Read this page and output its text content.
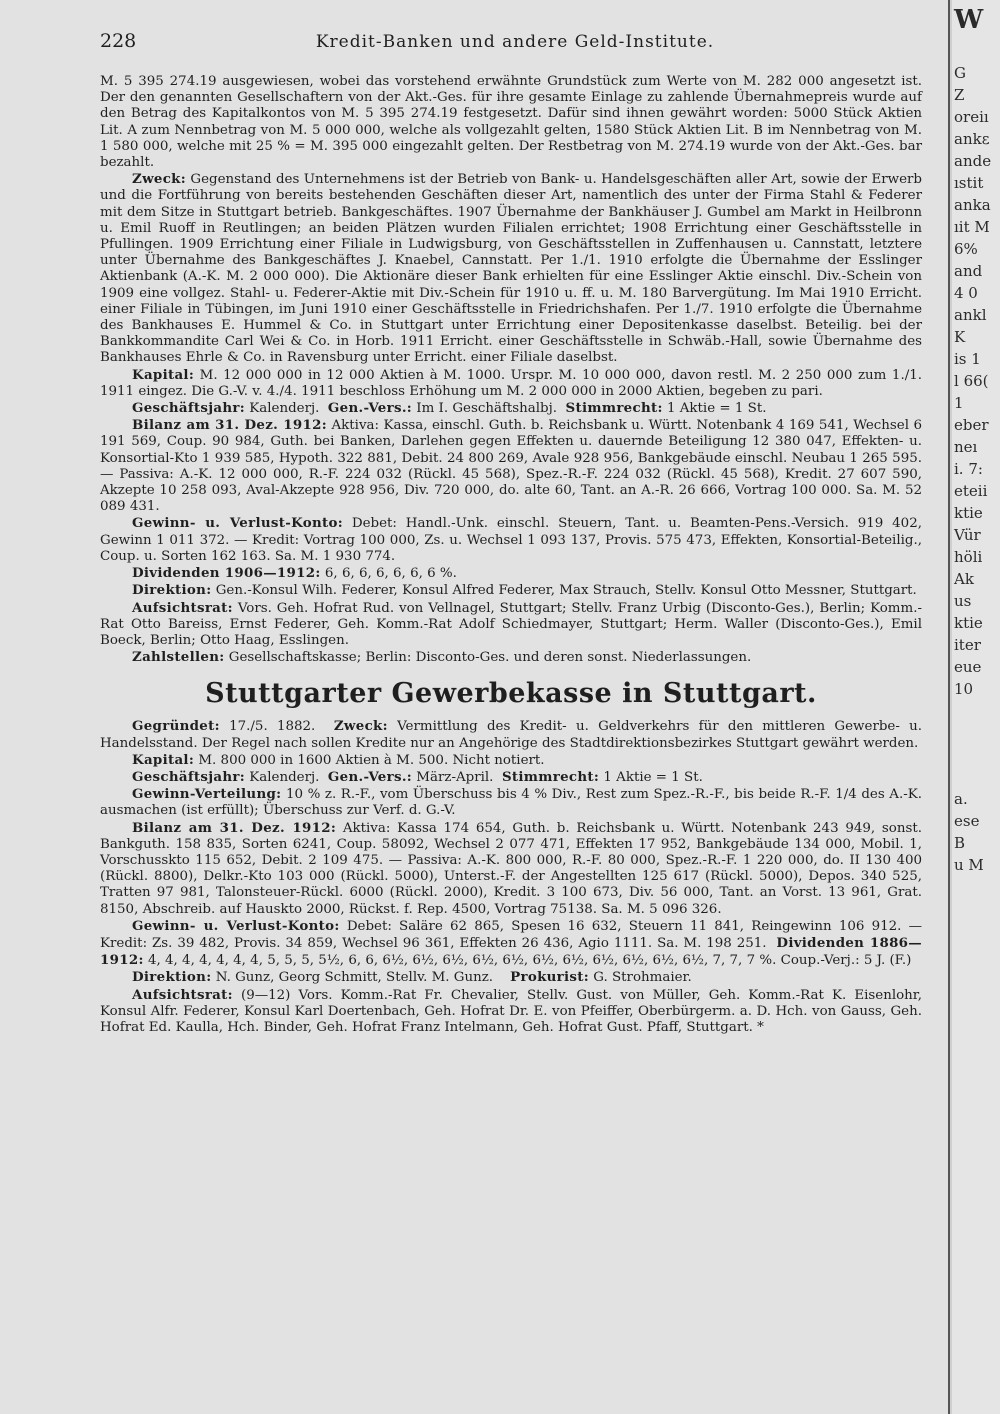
228	Kredit-Banken und andere Geld-Institute.

M. 5 395 274.19 ausgewiesen, wobei das vorstehend erwähnte Grundstück zum Werte von M. 282 000 angesetzt ist. Der den genannten Gesellschaftern von der Akt.-Ges. für ihre gesamte Einlage zu zahlende Übernahmepreis wurde auf den Betrag des Kapitalkontos von M. 5 395 274.19 festgesetzt. Dafür sind ihnen gewährt worden: 5000 Stück Aktien Lit. A zum Nennbetrag von M. 5 000 000, welche als vollgezahlt gelten, 1580 Stück Aktien Lit. B im Nennbetrag von M. 1 580 000, welche mit 25 % = M. 395 000 eingezahlt gelten. Der Restbetrag von M. 274.19 wurde von der Akt.-Ges. bar bezahlt.

Zweck: Gegenstand des Unternehmens ist der Betrieb von Bank- u. Handelsgeschäften aller Art, sowie der Erwerb und die Fortführung von bereits bestehenden Geschäften dieser Art, namentlich des unter der Firma Stahl & Federer mit dem Sitze in Stuttgart betrieb. Bankgeschäftes. 1907 Übernahme der Bankhäuser J. Gumbel am Markt in Heilbronn u. Emil Ruoff in Reutlingen; an beiden Plätzen wurden Filialen errichtet; 1908 Errichtung einer Geschäftsstelle in Pfullingen. 1909 Errichtung einer Filiale in Ludwigsburg, von Geschäftsstellen in Zuffenhausen u. Cannstatt, letztere unter Übernahme des Bankgeschäftes J. Knaebel, Cannstatt. Per 1./1. 1910 erfolgte die Übernahme der Esslinger Aktienbank (A.-K. M. 2 000 000). Die Aktionäre dieser Bank erhielten für eine Esslinger Aktie einschl. Div.-Schein von 1909 eine vollgez. Stahl- u. Federer-Aktie mit Div.-Schein für 1910 u. ff. u. M. 180 Barvergütung. Im Mai 1910 Erricht. einer Filiale in Tübingen, im Juni 1910 einer Geschäftsstelle in Friedrichshafen. Per 1./7. 1910 erfolgte die Übernahme des Bankhauses E. Hummel & Co. in Stuttgart unter Errichtung einer Depositenkasse daselbst. Beteilig. bei der Bankkommandite Carl Wei & Co. in Horb. 1911 Erricht. einer Geschäftsstelle in Schwäb.-Hall, sowie Übernahme des Bankhauses Ehrle & Co. in Ravensburg unter Erricht. einer Filiale daselbst.

Kapital: M. 12 000 000 in 12 000 Aktien à M. 1000. Urspr. M. 10 000 000, davon restl. M. 2 250 000 zum 1./1. 1911 eingez. Die G.-V. v. 4./4. 1911 beschloss Erhöhung um M. 2 000 000 in 2000 Aktien, begeben zu pari.

Geschäftsjahr: Kalenderj. Gen.-Vers.: Im I. Geschäftshalbj. Stimmrecht: 1 Aktie = 1 St.

Bilanz am 31. Dez. 1912: Aktiva: Kassa, einschl. Guth. b. Reichsbank u. Württ. Notenbank 4 169 541, Wechsel 6 191 569, Coup. 90 984, Guth. bei Banken, Darlehen gegen Effekten u. dauernde Beteiligung 12 380 047, Effekten- u. Konsortial-Kto 1 939 585, Hypoth. 322 881, Debit. 24 800 269, Avale 928 956, Bankgebäude einschl. Neubau 1 265 595. — Passiva: A.-K. 12 000 000, R.-F. 224 032 (Rückl. 45 568), Spez.-R.-F. 224 032 (Rückl. 45 568), Kredit. 27 607 590, Akzepte 10 258 093, Aval-Akzepte 928 956, Div. 720 000, do. alte 60, Tant. an A.-R. 26 666, Vortrag 100 000. Sa. M. 52 089 431.

Gewinn- u. Verlust-Konto: Debet: Handl.-Unk. einschl. Steuern, Tant. u. Beamten-Pens.-Versich. 919 402, Gewinn 1 011 372. — Kredit: Vortrag 100 000, Zs. u. Wechsel 1 093 137, Provis. 575 473, Effekten, Konsortial-Beteilig., Coup. u. Sorten 162 163. Sa. M. 1 930 774.

Dividenden 1906—1912: 6, 6, 6, 6, 6, 6, 6 %.

Direktion: Gen.-Konsul Wilh. Federer, Konsul Alfred Federer, Max Strauch, Stellv. Konsul Otto Messner, Stuttgart.

Aufsichtsrat: Vors. Geh. Hofrat Rud. von Vellnagel, Stuttgart; Stellv. Franz Urbig (Disconto-Ges.), Berlin; Komm.-Rat Otto Bareiss, Ernst Federer, Geh. Komm.-Rat Adolf Schiedmayer, Stuttgart; Herm. Waller (Disconto-Ges.), Emil Boeck, Berlin; Otto Haag, Esslingen.

Zahlstellen: Gesellschaftskasse; Berlin: Disconto-Ges. und deren sonst. Niederlassungen.

Stuttgarter Gewerbekasse in Stuttgart.

Gegründet: 17./5. 1882. Zweck: Vermittlung des Kredit- u. Geldverkehrs für den mittleren Gewerbe- u. Handelsstand. Der Regel nach sollen Kredite nur an Angehörige des Stadtdirektionsbezirkes Stuttgart gewährt werden.

Kapital: M. 800 000 in 1600 Aktien à M. 500. Nicht notiert.

Geschäftsjahr: Kalenderj. Gen.-Vers.: März-April. Stimmrecht: 1 Aktie = 1 St.

Gewinn-Verteilung: 10 % z. R.-F., vom Überschuss bis 4 % Div., Rest zum Spez.-R.-F., bis beide R.-F. 1/4 des A.-K. ausmachen (ist erfüllt); Überschuss zur Verf. d. G.-V.

Bilanz am 31. Dez. 1912: Aktiva: Kassa 174 654, Guth. b. Reichsbank u. Württ. Notenbank 243 949, sonst. Bankguth. 158 835, Sorten 6241, Coup. 58092, Wechsel 2 077 471, Effekten 17 952, Bankgebäude 134 000, Mobil. 1, Vorschusskto 115 652, Debit. 2 109 475. — Passiva: A.-K. 800 000, R.-F. 80 000, Spez.-R.-F. 1 220 000, do. II 130 400 (Rückl. 8800), Delkr.-Kto 103 000 (Rückl. 5000), Unterst.-F. der Angestellten 125 617 (Rückl. 5000), Depos. 340 525, Tratten 97 981, Talonsteuer-Rückl. 6000 (Rückl. 2000), Kredit. 3 100 673, Div. 56 000, Tant. an Vorst. 13 961, Grat. 8150, Abschreib. auf Hauskto 2000, Rückst. f. Rep. 4500, Vortrag 75138. Sa. M. 5 096 326.

Gewinn- u. Verlust-Konto: Debet: Saläre 62 865, Spesen 16 632, Steuern 11 841, Reingewinn 106 912. — Kredit: Zs. 39 482, Provis. 34 859, Wechsel 96 361, Effekten 26 436, Agio 1111. Sa. M. 198 251. Dividenden 1886—1912: 4, 4, 4, 4, 4, 4, 4, 5, 5, 5, 5½, 6, 6, 6½, 6½, 6½, 6½, 6½, 6½, 6½, 6½, 6½, 6½, 6½, 7, 7, 7 %. Coup.-Verj.: 5 J. (F.)

Direktion: N. Gunz, Georg Schmitt, Stellv. M. Gunz. Prokurist: G. Strohmaier.

Aufsichtsrat: (9—12) Vors. Komm.-Rat Fr. Chevalier, Stellv. Gust. von Müller, Geh. Komm.-Rat K. Eisenlohr, Konsul Alfr. Federer, Konsul Karl Doertenbach, Geh. Hofrat Dr. E. von Pfeiffer, Oberbürgerm. a. D. Hch. von Gauss, Geh. Hofrat Ed. Kaulla, Hch. Binder, Geh. Hofrat Franz Intelmann, Geh. Hofrat Gust. Pfaff, Stuttgart. *

W

G
Z
oreiı
ankε
ande
ıstit
anka
ıit M
6%
and
4 0
ankl
K
is 1
l 66(
1
eber
neı
i. 7:
eteii
ktie
Vür
höli
Ak
us
ktie
iter
eue
10

a.
ese
B
u M
